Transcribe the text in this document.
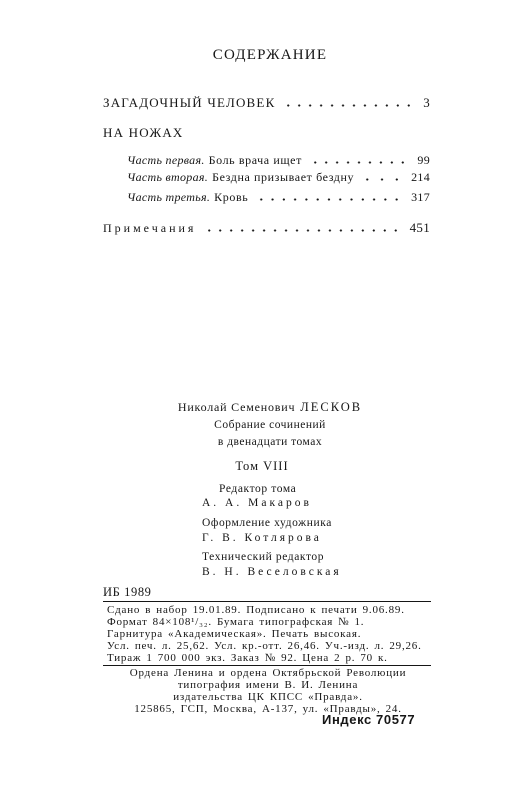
СОДЕРЖАНИЕ
ЗАГАДОЧНЫЙ ЧЕЛОВЕК	3
НА НОЖАХ
Часть первая. Боль врача ищет	99
Часть вторая. Бездна призывает бездну	214
Часть третья. Кровь	317
Примечания	451
Николай Семенович ЛЕСКОВ
Собрание сочинений
в двенадцати томах
Том VIII
Редактор тома
А. А. Макаров
Оформление художника
Г. В. Котлярова
Технический редактор
В. Н. Веселовская
ИБ 1989
Сдано в набор 19.01.89. Подписано к печати 9.06.89.
Формат 84×108¹/₃₂. Бумага типографская № 1.
Гарнитура «Академическая». Печать высокая.
Усл. печ. л. 25,62. Усл. кр.-отт. 26,46. Уч.-изд. л. 29,26.
Тираж 1 700 000 экз. Заказ № 92. Цена 2 р. 70 к.
Ордена Ленина и ордена Октябрьской Революции
типография имени В. И. Ленина
издательства ЦК КПСС «Правда».
125865, ГСП, Москва, А-137, ул. «Правды», 24.
Индекс 70577
